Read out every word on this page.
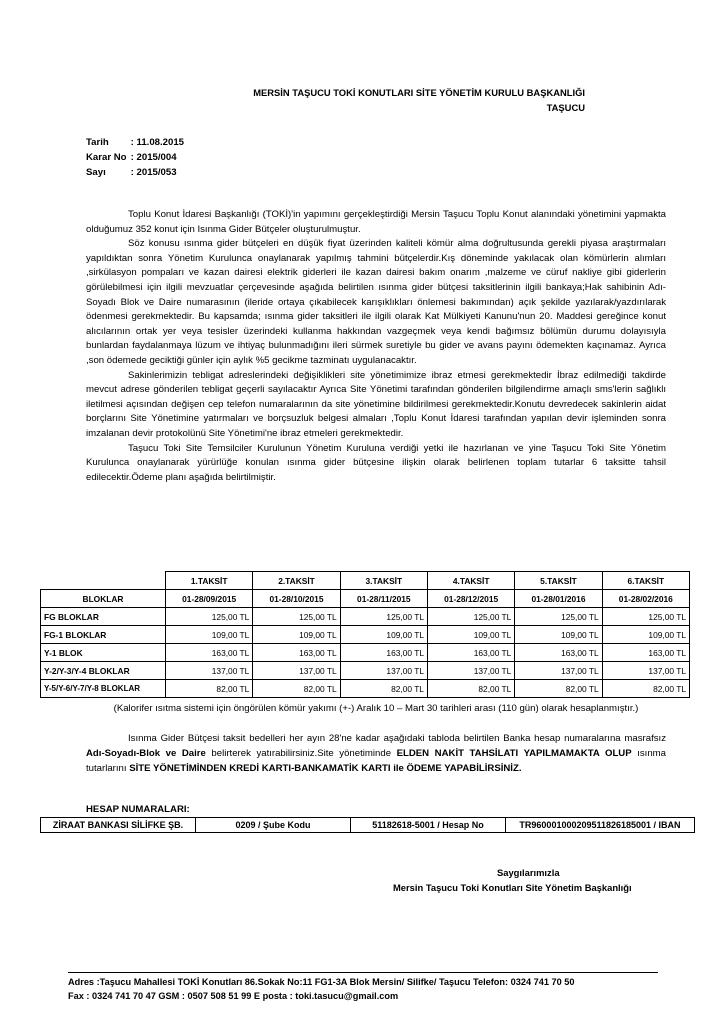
MERSİN TAŞUCU TOKİ KONUTLARI SİTE YÖNETİM KURULU BAŞKANLIĞI
TAŞUCU
Tarih : 11.08.2015
Karar No : 2015/004
Sayı	: 2015/053

Toplu Konut İdaresi Başkanlığı (TOKİ)'in yapımını gerçekleştirdiği Mersin Taşucu Toplu Konut alanındaki yönetimini yapmakta olduğumuz 352 konut için Isınma Gider Bütçeler oluşturulmuştur.

Söz konusu ısınma gider bütçeleri en düşük fiyat üzerinden kaliteli kömür alma doğrultusunda gerekli piyasa araştırmaları yapıldıktan sonra Yönetim Kurulunca onaylanarak yapılmış tahmini bütçelerdir.Kış döneminde yakılacak olan kömürlerin alımları ,sirkülasyon pompaları ve kazan dairesi elektrik giderleri ile kazan dairesi bakım onarım ,malzeme ve cüruf nakliye gibi giderlerin görülebilmesi için ilgili mevzuatlar çerçevesinde aşağıda belirtilen ısınma gider bütçesi taksitlerinin ilgili bankaya;Hak sahibinin Adı-Soyadı Blok ve Daire numarasının (ileride ortaya çıkabilecek karışıklıkları önlemesi bakımından) açık şekilde yazılarak/yazdırılarak ödenmesi gerekmektedir. Bu kapsamda; ısınma gider taksitleri ile ilgili olarak Kat Mülkiyeti Kanunu'nun 20. Maddesi gereğince konut alıcılarının ortak yer veya tesisler üzerindeki kullanma hakkından vazgeçmek veya kendi bağımsız bölümün durumu dolayısıyla bunlardan faydalanmaya lüzum ve ihtiyaç bulunmadığını ileri sürmek suretiyle bu gider ve avans payını ödemekten kaçınamaz. Ayrıca ,son ödemede geciktiği günler için aylık %5 gecikme tazminatı uygulanacaktır.

Sakinlerimizin tebligat adreslerindeki değişiklikleri site yönetimimize ibraz etmesi gerekmektedir İbraz edilmediği takdirde mevcut adrese gönderilen tebligat geçerli sayılacaktır Ayrıca Site Yönetimi tarafından gönderilen bilgilendirme amaçlı sms'lerin sağlıklı iletilmesi açısından değişen cep telefon numaralarının da site yönetimine bildirilmesi gerekmektedir.Konutu devredecek sakinlerin aidat borçlarını Site Yönetimine yatırmaları ve borçsuzluk belgesi almaları ,Toplu Konut İdaresi tarafından yapılan devir işleminden sonra imzalanan devir protokolünü Site Yönetimi'ne ibraz etmeleri gerekmektedir.

Taşucu Toki Site Temsilciler Kurulunun Yönetim Kuruluna verdiği yetki ile hazırlanan ve yine Taşucu Toki Site Yönetim Kurulunca onaylanarak yürürlüğe konulan ısınma gider bütçesine ilişkin olarak belirlenen toplam tutarlar 6 taksitte tahsil edilecektir.Ödeme planı aşağıda belirtilmiştir.

	1.TAKSİT	2.TAKSİT	3.TAKSİT	4.TAKSİT	5.TAKSİT	6.TAKSİT
BLOKLAR	01-28/09/2015	01-28/10/2015	01-28/11/2015	01-28/12/2015	01-28/01/2016	01-28/02/2016
FG BLOKLAR	125,00 TL	125,00 TL	125,00 TL	125,00 TL	125,00 TL	125,00 TL
FG-1 BLOKLAR	109,00 TL	109,00 TL	109,00 TL	109,00 TL	109,00 TL	109,00 TL
Y-1 BLOK	163,00 TL	163,00 TL	163,00 TL	163,00 TL	163,00 TL	163,00 TL
Y-2/Y-3/Y-4 BLOKLAR	137,00 TL	137,00 TL	137,00 TL	137,00 TL	137,00 TL	137,00 TL
Y-5/Y-6/Y-7/Y-8 BLOKLAR	82,00 TL	82,00 TL	82,00 TL	82,00 TL	82,00 TL	82,00 TL
(Kalorifer ısıtma sistemi için öngörülen kömür yakımı (+-) Aralık 10 – Mart 30 tarihleri arası (110 gün) olarak hesaplanmıştır.)

Isınma Gider Bütçesi taksit bedelleri her ayın 28'ne kadar aşağıdaki tabloda belirtilen Banka hesap numaralarına masrafsız Adı-Soyadı-Blok ve Daire belirterek yatırabilirsiniz.Site yönetiminde ELDEN NAKİT TAHSİLATI YAPILMAMAKTA OLUP ısınma tutarlarını SİTE YÖNETİMİNDEN KREDİ KARTI-BANKAMATİK KARTI ile ÖDEME YAPABİLİRSİNİZ.

HESAP NUMARALARI:
ZİRAAT BANKASI SİLİFKE ŞB.	0209 / Şube Kodu	51182618-5001 / Hesap No	TR960001000209511826185001 / IBAN
Saygılarımızla
Mersin Taşucu Toki Konutları Site Yönetim Başkanlığı
Adres :Taşucu Mahallesi TOKİ Konutları 86.Sokak No:11 FG1-3A Blok Mersin/ Silifke/ Taşucu Telefon: 0324 741 70 50
Fax : 0324 741 70 47 GSM : 0507 508 51 99 E posta : toki.tasucu@gmail.com
